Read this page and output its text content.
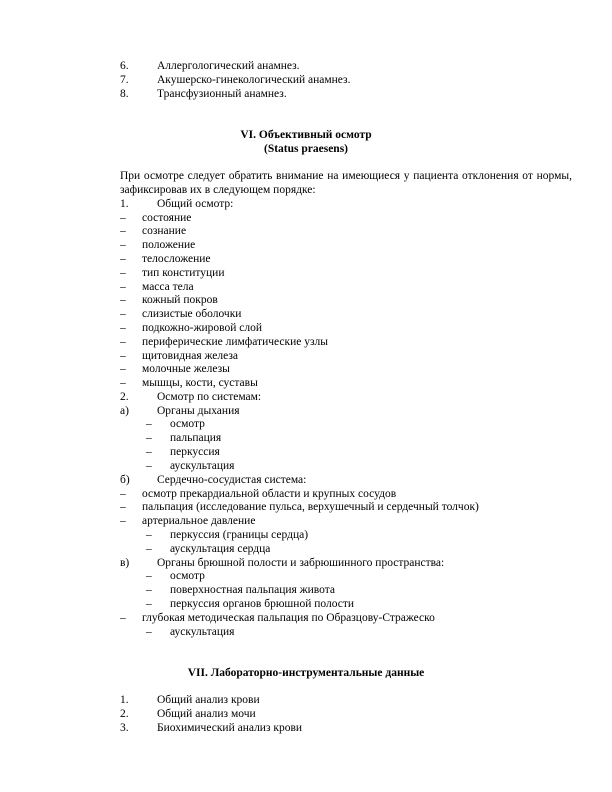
6. Аллергологический анамнез.
7. Акушерско-гинекологический анамнез.
8. Трансфузионный анамнез.
VI. Объективный осмотр
(Status praesens)
При осмотре следует обратить внимание на имеющиеся у пациента отклонения от нормы, зафиксировав их в следующем порядке:
1. Общий осмотр:
– состояние
– сознание
– положение
– телосложение
– тип конституции
– масса тела
– кожный покров
– слизистые оболочки
– подкожно-жировой слой
– периферические лимфатические узлы
– щитовидная железа
– молочные железы
– мышцы, кости, суставы
2. Осмотр по системам:
а) Органы дыхания
– осмотр
– пальпация
– перкуссия
– аускультация
б) Сердечно-сосудистая система:
– осмотр прекардиальной области и крупных сосудов
– пальпация (исследование пульса, верхушечный и сердечный толчок)
– артериальное давление
– перкуссия (границы сердца)
– аускультация сердца
в) Органы брюшной полости и забрюшинного пространства:
– осмотр
– поверхностная пальпация живота
– перкуссия органов брюшной полости
– глубокая методическая пальпация по Образцову-Стражеско
– аускультация
VII. Лабораторно-инструментальные данные
1. Общий анализ крови
2. Общий анализ мочи
3. Биохимический анализ крови
